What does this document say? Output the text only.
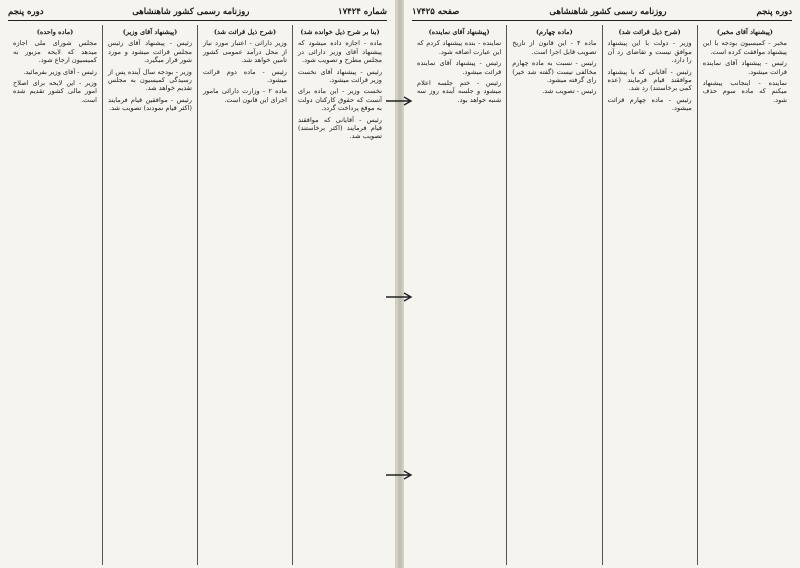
شماره ۱۷۴۲۴
روزنامه رسمی کشور شاهنشاهی
دوره پنجم

(بنا بر شرح ذیل خوانده شد)

ماده - اجازه داده میشود که پیشنهاد آقای وزیر دارائی در مجلس مطرح و تصویب شود.

رئیس - پیشنهاد آقای نخست وزیر قرائت میشود.

نخست وزیر - این ماده برای آنست که حقوق کارکنان دولت به موقع پرداخت گردد.

رئیس - آقایانی که موافقند قیام فرمایند (اکثر برخاستند) تصویب شد.

(شرح ذیل قرائت شد)

وزیر دارائی - اعتبار مورد نیاز از محل درآمد عمومی کشور تامین خواهد شد.

رئیس - ماده دوم قرائت میشود.

ماده ۲ - وزارت دارائی مامور اجرای این قانون است.

(پیشنهاد آقای وزیر)

رئیس - پیشنهاد آقای رئیس مجلس قرائت میشود و مورد شور قرار میگیرد.

وزیر - بودجه سال آینده پس از رسیدگی کمیسیون به مجلس تقدیم خواهد شد.

رئیس - موافقین قیام فرمایند (اکثر قیام نمودند) تصویب شد.

(ماده واحده)

مجلس شورای ملی اجازه میدهد که لایحه مزبور به کمیسیون ارجاع شود.

رئیس - آقای وزیر بفرمائید.

وزیر - این لایحه برای اصلاح امور مالی کشور تقدیم شده است.

دوره پنجم
روزنامه رسمی کشور شاهنشاهی
صفحه ۱۷۴۲۵

(پیشنهاد آقای مخبر)

مخبر - کمیسیون بودجه با این پیشنهاد موافقت کرده است.

رئیس - پیشنهاد آقای نماینده قرائت میشود.

نماینده - اینجانب پیشنهاد میکنم که ماده سوم حذف شود.

(شرح ذیل قرائت شد)

وزیر - دولت با این پیشنهاد موافق نیست و تقاضای رد آن را دارد.

رئیس - آقایانی که با پیشنهاد موافقند قیام فرمایند (عده کمی برخاستند) رد شد.

رئیس - ماده چهارم قرائت میشود.

(ماده چهارم)

ماده ۴ - این قانون از تاریخ تصویب قابل اجرا است.

رئیس - نسبت به ماده چهارم مخالفی نیست (گفته شد خیر) رای گرفته میشود.

رئیس - تصویب شد.

(پیشنهاد آقای نماینده)

نماینده - بنده پیشنهاد کردم که این عبارت اضافه شود.

رئیس - پیشنهاد آقای نماینده قرائت میشود.

رئیس - ختم جلسه اعلام میشود و جلسه آینده روز سه شنبه خواهد بود.
